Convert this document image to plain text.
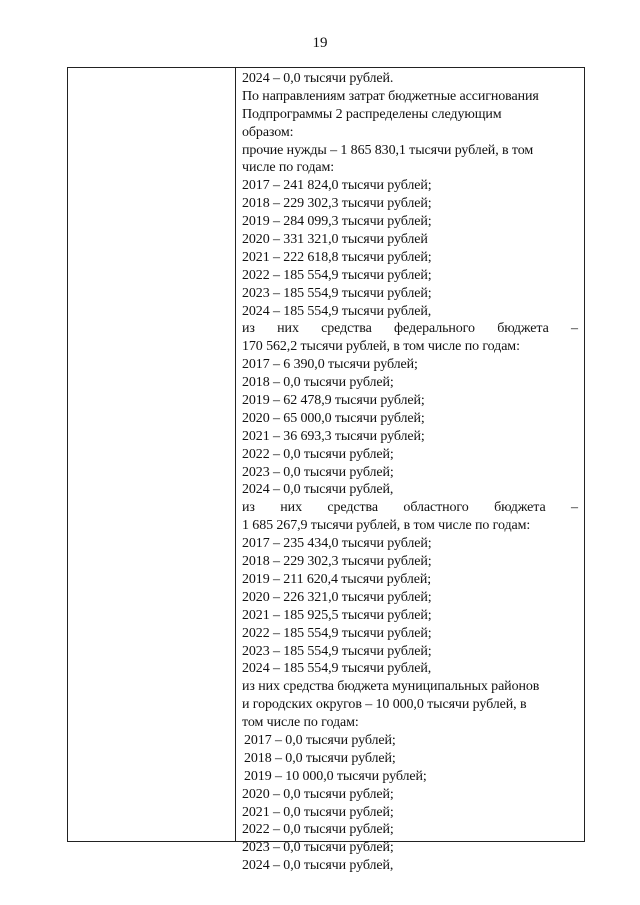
19
2024 – 0,0 тысячи рублей.
По направлениям затрат бюджетные ассигнования
Подпрограммы 2 распределены следующим
образом:
прочие нужды – 1 865 830,1 тысячи рублей, в том
числе по годам:
2017 – 241 824,0 тысячи рублей;
2018 – 229 302,3 тысячи рублей;
2019 – 284 099,3 тысячи рублей;
2020 – 331 321,0 тысячи рублей
2021 – 222 618,8 тысячи рублей;
2022 – 185 554,9 тысячи рублей;
2023 – 185 554,9 тысячи рублей;
2024 – 185 554,9 тысячи рублей,
из них средства федерального бюджета –
170 562,2 тысячи рублей, в том числе по годам:
2017 – 6 390,0 тысячи рублей;
2018 – 0,0 тысячи рублей;
2019 – 62 478,9 тысячи рублей;
2020 – 65 000,0 тысячи рублей;
2021 – 36 693,3 тысячи рублей;
2022 – 0,0 тысячи рублей;
2023 – 0,0 тысячи рублей;
2024 – 0,0 тысячи рублей,
из них средства областного бюджета –
1 685 267,9 тысячи рублей, в том числе по годам:
2017 – 235 434,0 тысячи рублей;
2018 – 229 302,3 тысячи рублей;
2019 – 211 620,4 тысячи рублей;
2020 – 226 321,0 тысячи рублей;
2021 – 185 925,5 тысячи рублей;
2022 – 185 554,9 тысячи рублей;
2023 – 185 554,9 тысячи рублей;
2024 – 185 554,9 тысячи рублей,
из них средства бюджета муниципальных районов
и городских округов – 10 000,0 тысячи рублей, в
том числе по годам:
2017 – 0,0 тысячи рублей;
2018 – 0,0 тысячи рублей;
2019 – 10 000,0 тысячи рублей;
2020 – 0,0 тысячи рублей;
2021 – 0,0 тысячи рублей;
2022 – 0,0 тысячи рублей;
2023 – 0,0 тысячи рублей;
2024 – 0,0 тысячи рублей,
